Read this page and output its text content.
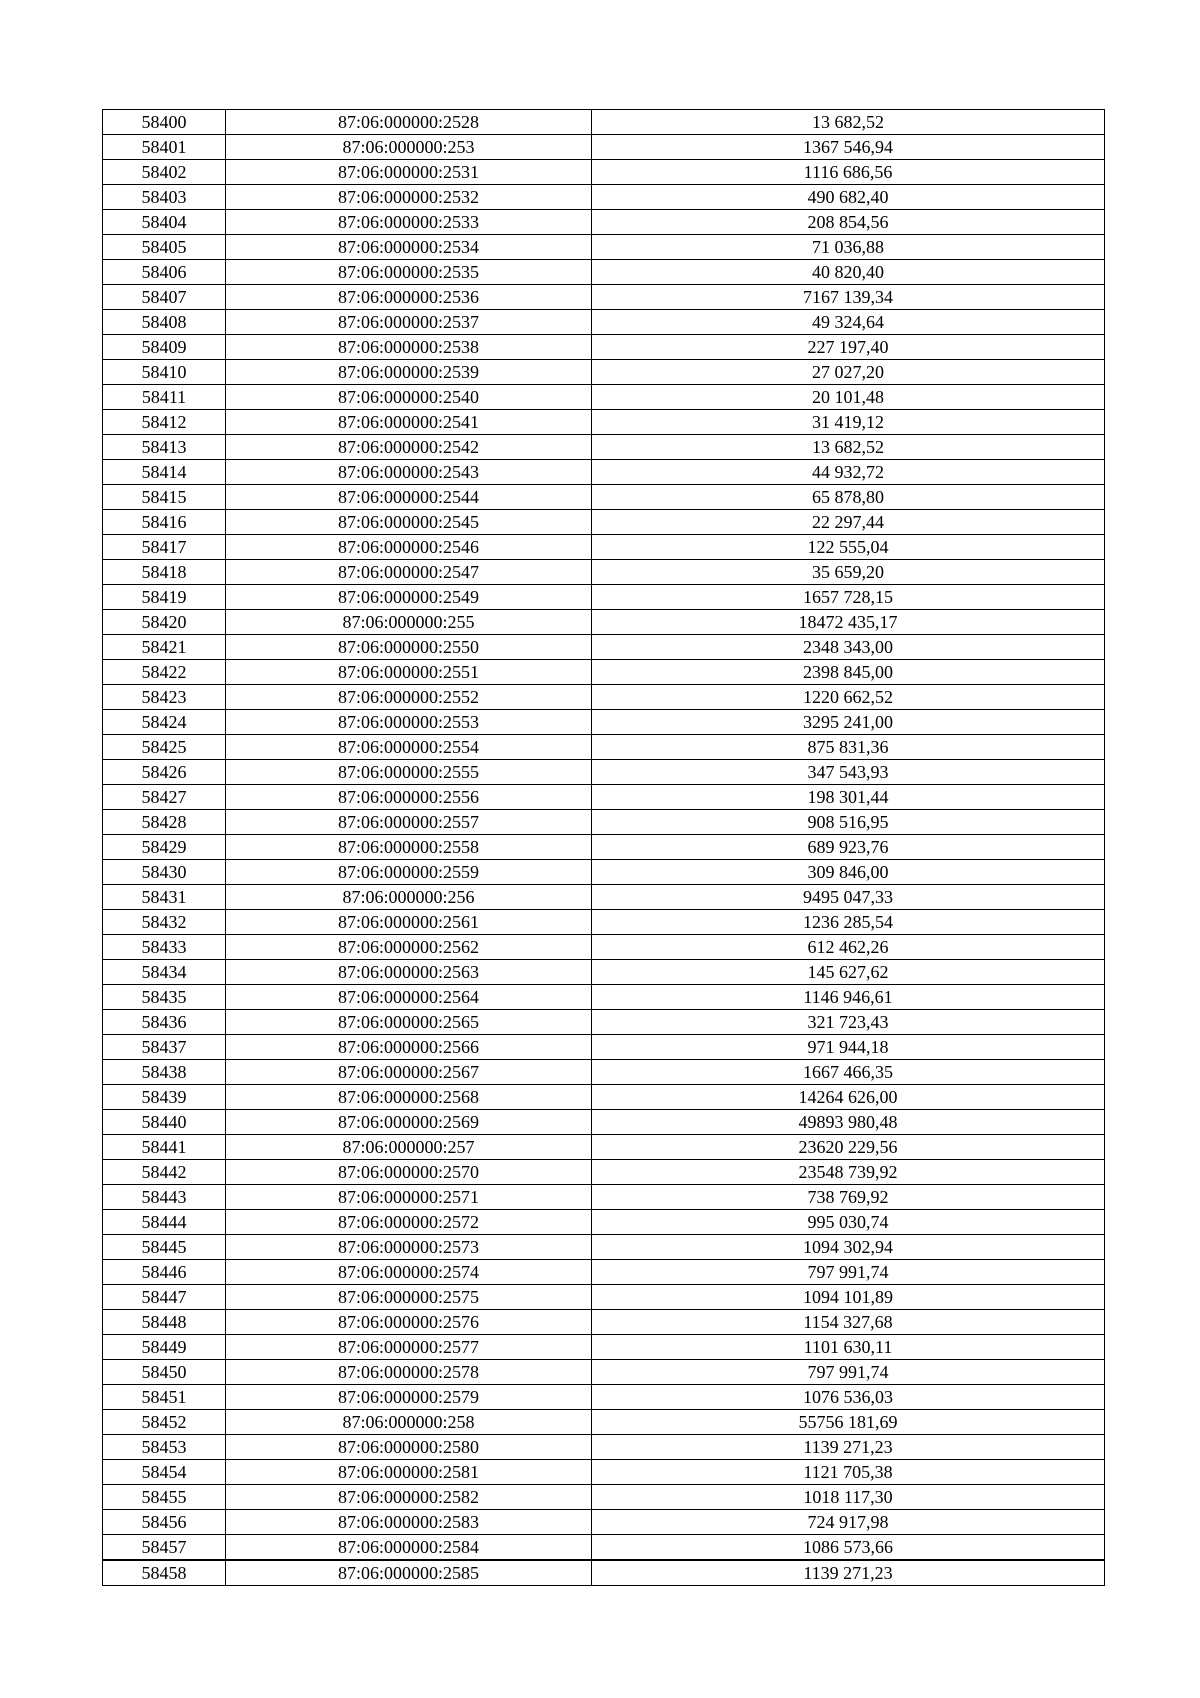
58400	87:06:000000:2528	13 682,52
58401	87:06:000000:253	1367 546,94
58402	87:06:000000:2531	1116 686,56
58403	87:06:000000:2532	490 682,40
58404	87:06:000000:2533	208 854,56
58405	87:06:000000:2534	71 036,88
58406	87:06:000000:2535	40 820,40
58407	87:06:000000:2536	7167 139,34
58408	87:06:000000:2537	49 324,64
58409	87:06:000000:2538	227 197,40
58410	87:06:000000:2539	27 027,20
58411	87:06:000000:2540	20 101,48
58412	87:06:000000:2541	31 419,12
58413	87:06:000000:2542	13 682,52
58414	87:06:000000:2543	44 932,72
58415	87:06:000000:2544	65 878,80
58416	87:06:000000:2545	22 297,44
58417	87:06:000000:2546	122 555,04
58418	87:06:000000:2547	35 659,20
58419	87:06:000000:2549	1657 728,15
58420	87:06:000000:255	18472 435,17
58421	87:06:000000:2550	2348 343,00
58422	87:06:000000:2551	2398 845,00
58423	87:06:000000:2552	1220 662,52
58424	87:06:000000:2553	3295 241,00
58425	87:06:000000:2554	875 831,36
58426	87:06:000000:2555	347 543,93
58427	87:06:000000:2556	198 301,44
58428	87:06:000000:2557	908 516,95
58429	87:06:000000:2558	689 923,76
58430	87:06:000000:2559	309 846,00
58431	87:06:000000:256	9495 047,33
58432	87:06:000000:2561	1236 285,54
58433	87:06:000000:2562	612 462,26
58434	87:06:000000:2563	145 627,62
58435	87:06:000000:2564	1146 946,61
58436	87:06:000000:2565	321 723,43
58437	87:06:000000:2566	971 944,18
58438	87:06:000000:2567	1667 466,35
58439	87:06:000000:2568	14264 626,00
58440	87:06:000000:2569	49893 980,48
58441	87:06:000000:257	23620 229,56
58442	87:06:000000:2570	23548 739,92
58443	87:06:000000:2571	738 769,92
58444	87:06:000000:2572	995 030,74
58445	87:06:000000:2573	1094 302,94
58446	87:06:000000:2574	797 991,74
58447	87:06:000000:2575	1094 101,89
58448	87:06:000000:2576	1154 327,68
58449	87:06:000000:2577	1101 630,11
58450	87:06:000000:2578	797 991,74
58451	87:06:000000:2579	1076 536,03
58452	87:06:000000:258	55756 181,69
58453	87:06:000000:2580	1139 271,23
58454	87:06:000000:2581	1121 705,38
58455	87:06:000000:2582	1018 117,30
58456	87:06:000000:2583	724 917,98
58457	87:06:000000:2584	1086 573,66
58458	87:06:000000:2585	1139 271,23
